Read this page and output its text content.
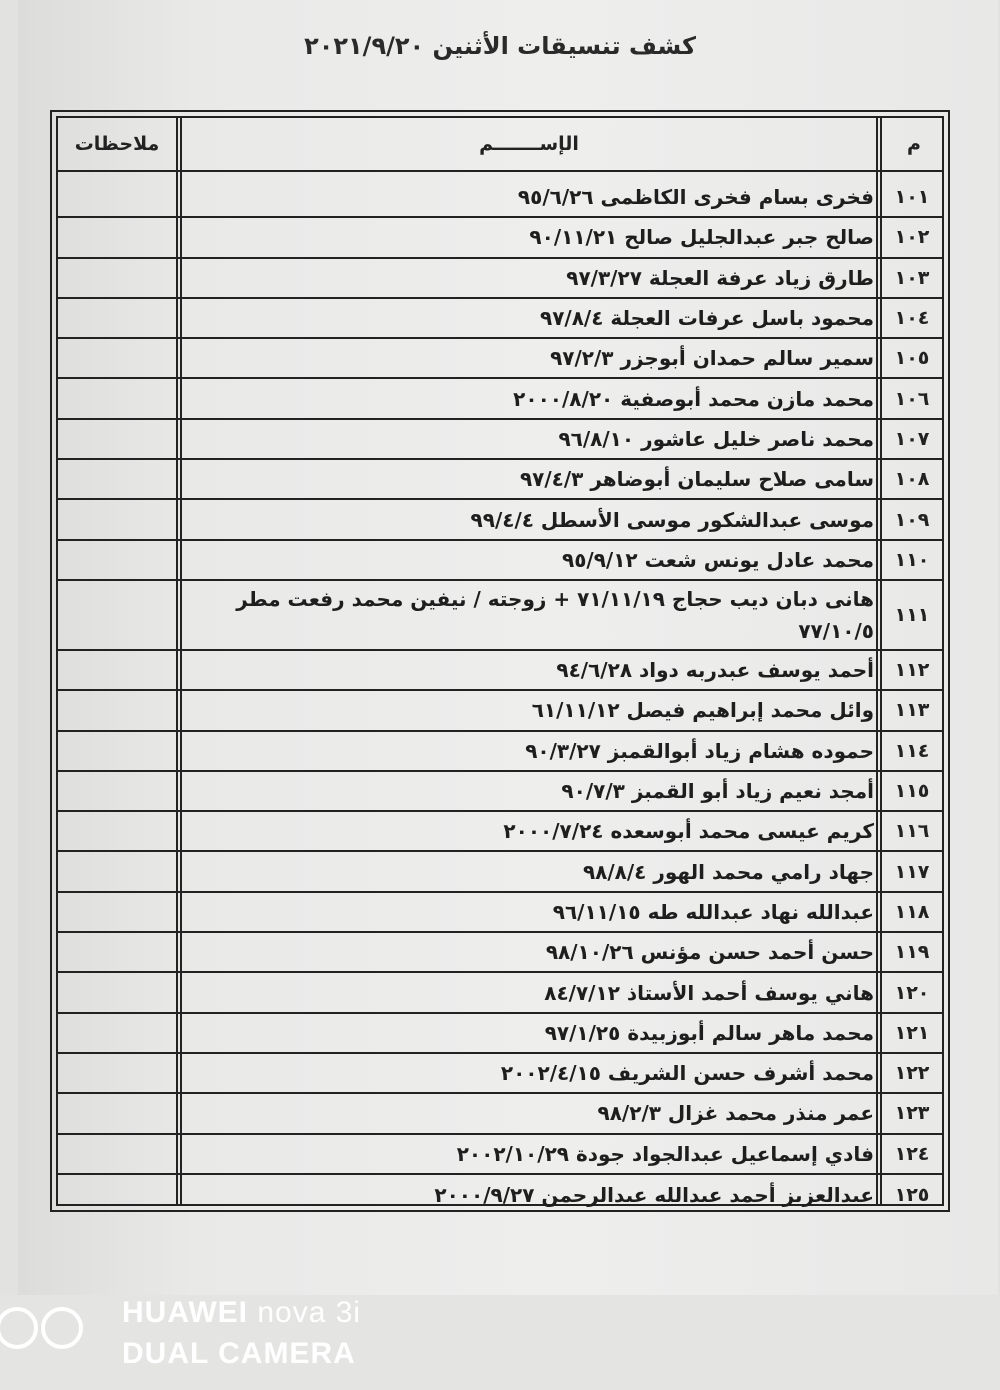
كشف تنسيقات الأثنين ٢٠٢١/٩/٢٠
ملاحظات	الإســـــــم	م
١٠١
فخرى بسام فخرى الكاظمى ٩٥/٦/٢٦
١٠٢
صالح جبر عبدالجليل صالح ٩٠/١١/٢١
١٠٣
طارق زياد عرفة العجلة ٩٧/٣/٢٧
١٠٤
محمود باسل عرفات العجلة ٩٧/٨/٤
١٠٥
سمير سالم حمدان أبوجزر ٩٧/٢/٣
١٠٦
محمد مازن محمد أبوصفية ٢٠٠٠/٨/٢٠
١٠٧
محمد ناصر خليل عاشور ٩٦/٨/١٠
١٠٨
سامى صلاح سليمان أبوضاهر ٩٧/٤/٣
١٠٩
موسى عبدالشكور موسى الأسطل ٩٩/٤/٤
١١٠
محمد عادل يونس شعت ٩٥/٩/١٢
١١١
هانى دبان ديب حجاج ٧١/١١/١٩ + زوجته / نيفين محمد رفعت مطر
٧٧/١٠/٥
١١٢
أحمد يوسف عبدربه دواد ٩٤/٦/٢٨
١١٣
وائل محمد إبراهيم فيصل ٦١/١١/١٢
١١٤
حموده هشام زياد أبوالقمبز ٩٠/٣/٢٧
١١٥
أمجد نعيم زياد أبو القمبز ٩٠/٧/٣
١١٦
كريم عيسى محمد أبوسعده ٢٠٠٠/٧/٢٤
١١٧
جهاد رامي محمد الهور ٩٨/٨/٤
١١٨
عبدالله نهاد عبدالله طه ٩٦/١١/١٥
١١٩
حسن أحمد حسن مؤنس ٩٨/١٠/٢٦
١٢٠
هاني يوسف أحمد الأستاذ ٨٤/٧/١٢
١٢١
محمد ماهر سالم أبوزبيدة ٩٧/١/٢٥
١٢٢
محمد أشرف حسن الشريف ٢٠٠٢/٤/١٥
١٢٣
عمر منذر محمد غزال ٩٨/٢/٣
١٢٤
فادي إسماعيل عبدالجواد جودة ٢٠٠٢/١٠/٢٩
١٢٥
عبدالعزيز أحمد عبدالله عبدالرحمن ٢٠٠٠/٩/٢٧
HUAWEI nova 3i
DUAL CAMERA
